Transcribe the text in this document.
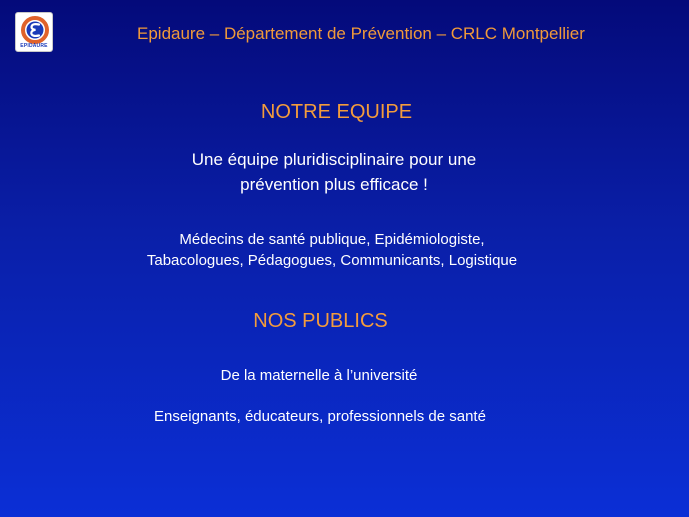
EPIDAURE
Epidaure – Département de Prévention – CRLC Montpellier
NOTRE EQUIPE
Une équipe pluridisciplinaire pour une
prévention plus efficace !
Médecins de santé publique, Epidémiologiste,
Tabacologues, Pédagogues, Communicants, Logistique
NOS PUBLICS
De la maternelle à l’université
Enseignants, éducateurs, professionnels de santé
